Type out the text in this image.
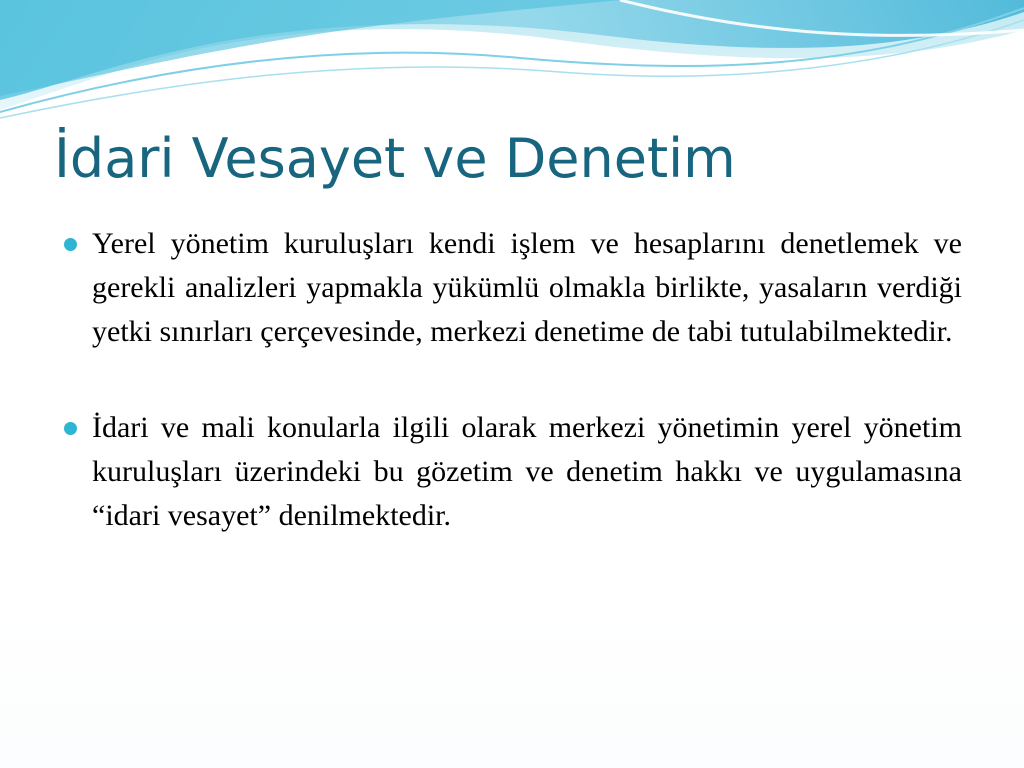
İdari Vesayet ve Denetim
Yerel yönetim kuruluşları kendi işlem ve hesaplarını denetlemek ve gerekli analizleri yapmakla yükümlü olmakla birlikte, yasaların verdiği yetki sınırları çerçevesinde, merkezi denetime de tabi tutulabilmektedir.
İdari ve mali konularla ilgili olarak merkezi yönetimin yerel yönetim kuruluşları üzerindeki bu gözetim ve denetim hakkı ve uygulamasına “idari vesayet” denilmektedir.
